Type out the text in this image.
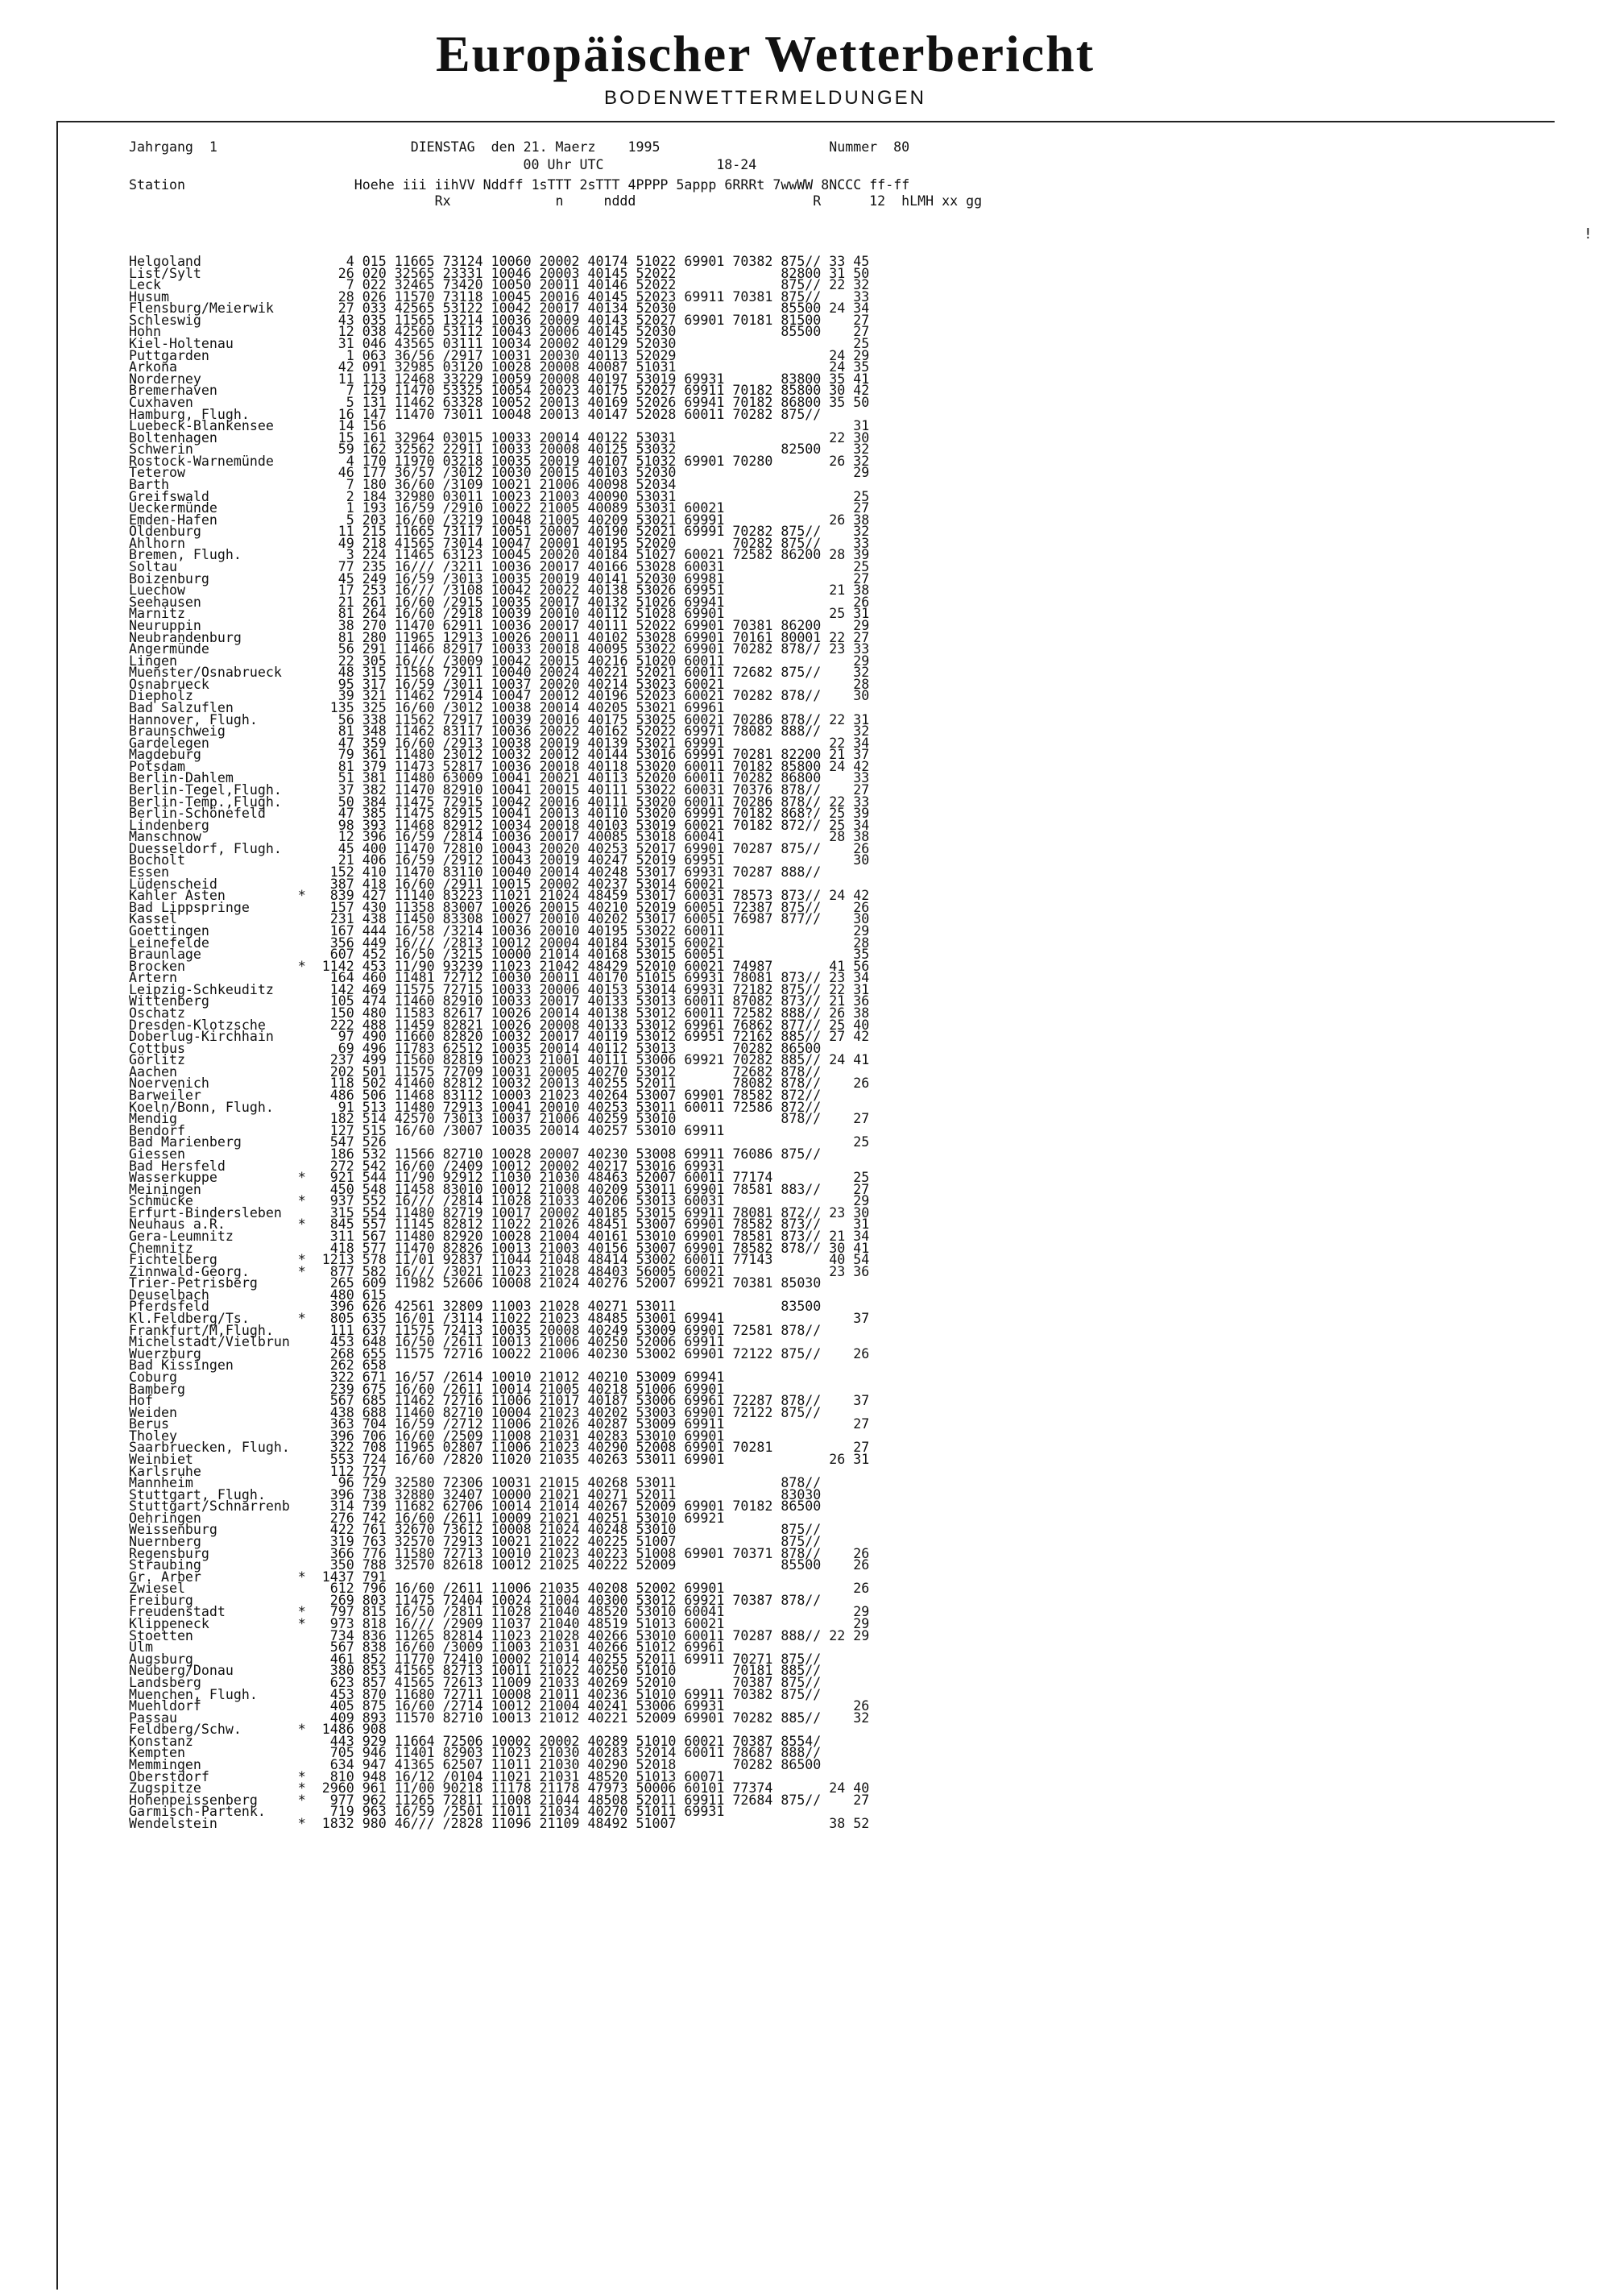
Europäischer Wetterbericht
BODENWETTERMELDUNGEN
!
Jahrgang 1	DIENSTAG den 21. Maerz 1995	Nummer 80
00 Uhr UTC	18-24
Station                     Hoehe iii iihVV Nddff 1sTTT 2sTTT 4PPPP 5appp 6RRRt 7wwWW 8NCCC ff-ff
Rx	n	nddd	R	12 hLMH xx gg
Helgoland                  4 015 11665 73124 10060 20002 40174 51022 69901 70382 875// 33 45
List/Sylt                 26 020 32565 23331 10046 20003 40145 52022	82800 31 50
Leck                       7 022 32465 73420 10050 20011 40146 52022	875// 22 32
Husum                     28 026 11570 73118 10045 20016 40145 52023 69911 70381 875//    33
Flensburg/Meierwik        27 033 42565 53122 10042 20017 40134 52030	85500 24 34
Schleswig                 43 035 11565 13214 10036 20009 40143 52027 69901 70181 81500    27
Hohn                      12 038 42560 53112 10043 20006 40145 52030	85500    27
Kiel-Holtenau             31 046 43565 03111 10034 20002 40129 52030	25
Puttgarden                 1 063 36/56 /2917 10031 20030 40113 52029	24 29
Arkona                    42 091 32985 03120 10028 20008 40087 51031	24 35
Norderney                 11 113 12468 33229 10059 20008 40197 53019 69931	83800 35 41
Bremerhaven                7 129 11470 53325 10054 20023 40175 52027 69911 70182 85800 30 42
Cuxhaven                   5 131 11462 63328 10052 20013 40169 52026 69941 70182 86800 35 50
Hamburg, Flugh.           16 147 11470 73011 10048 20013 40147 52028 60011 70282 875//
Luebeck-Blankensee        14 156	31
Boltenhagen               15 161 32964 03015 10033 20014 40122 53031	22 30
Schwerin                  59 162 32562 22911 10033 20008 40125 53032	82500    32
Rostock-Warnemünde         4 170 11970 03218 10035 20019 40107 51032 69901 70280	26 32
Teterow                   46 177 36/57 /3012 10030 20015 40103 52030	29
Barth                      7 180 36/60 /3109 10021 21006 40098 52034
Greifswald                 2 184 32980 03011 10023 21003 40090 53031	25
Ueckermünde                1 193 16/59 /2910 10022 21005 40089 53031 60021	27
Emden-Hafen                5 203 16/60 /3219 10048 21005 40209 53021 69991	26 38
Oldenburg                 11 215 11665 73117 10051 20007 40190 52021 69991 70282 875//    32
Ahlhorn                   49 218 41565 73014 10047 20001 40195 52020	70282 875//    33
Bremen, Flugh.             3 224 11465 63123 10045 20020 40184 51027 60021 72582 86200 28 39
Soltau                    77 235 16/// /3211 10036 20017 40166 53028 60031	25
Boizenburg                45 249 16/59 /3013 10035 20019 40141 52030 69981	27
Luechow                   17 253 16/// /3108 10042 20022 40138 53026 69951	21 38
Seehausen                 21 261 16/60 /2915 10035 20017 40132 51026 69941	26
Marnitz                   81 264 16/60 /2918 10039 20010 40112 51028 69901	25 31
Neuruppin                 38 270 11470 62911 10036 20017 40111 52022 69901 70381 86200    29
Neubrandenburg            81 280 11965 12913 10026 20011 40102 53028 69901 70161 80001 22 27
Angermünde                56 291 11466 82917 10033 20018 40095 53022 69901 70282 878// 23 33
Lingen                    22 305 16/// /3009 10042 20015 40216 51020 60011	29
Muenster/Osnabrueck       48 315 11568 72911 10040 20024 40221 52021 60011 72682 875//    32
Osnabrueck                95 317 16/59 /3011 10037 20020 40214 53023 60021	28
Diepholz                  39 321 11462 72914 10047 20012 40196 52023 60021 70282 878//    30
Bad Salzuflen            135 325 16/60 /3012 10038 20014 40205 53021 69961
Hannover, Flugh.          56 338 11562 72917 10039 20016 40175 53025 60021 70286 878// 22 31
Braunschweig              81 348 11462 83117 10036 20022 40162 52022 69971 78082 888//    32
Gardelegen                47 359 16/60 /2913 10038 20019 40139 53021 69991	22 34
Magdeburg                 79 361 11480 23012 10032 20012 40144 53016 69991 70281 82200 21 37
Potsdam                   81 379 11473 52817 10036 20018 40118 53020 60011 70182 85800 24 42
Berlin-Dahlem             51 381 11480 63009 10041 20021 40113 52020 60011 70282 86800    33
Berlin-Tegel,Flugh.       37 382 11470 82910 10041 20015 40111 53022 60031 70376 878//    27
Berlin-Temp.,Flugh.       50 384 11475 72915 10042 20016 40111 53020 60011 70286 878// 22 33
Berlin-Schönefeld         47 385 11475 82915 10041 20013 40110 53020 69991 70182 868?/ 25 39
Lindenberg                98 393 11468 82912 10034 20018 40103 53019 60021 70182 872// 25 34
Manschnow                 12 396 16/59 /2814 10036 20017 40085 53018 60041	28 38
Duesseldorf, Flugh.       45 400 11470 72810 10043 20020 40253 52017 69901 70287 875//    26
Bocholt                   21 406 16/59 /2912 10043 20019 40247 52019 69951	30
Essen                    152 410 11470 83110 10040 20014 40248 53017 69931 70287 888//
Lüdenscheid              387 418 16/60 /2911 10015 20002 40237 53014 60021
Kahler Asten         *   839 427 11140 83223 11021 21024 48459 53017 60031 78573 873// 24 42
Bad Lippspringe          157 430 11358 83007 10026 20015 40210 52019 60051 72387 875//    26
Kassel                   231 438 11450 83308 10027 20010 40202 53017 60051 76987 877//    30
Goettingen               167 444 16/58 /3214 10036 20010 40195 53022 60011	29
Leinefelde               356 449 16/// /2813 10012 20004 40184 53015 60021	28
Braunlage                607 452 16/50 /3215 10000 21014 40168 53015 60051	35
Brocken              *  1142 453 11/90 93239 11023 21042 48429 52010 60021 74987	41 56
Artern                   164 460 11481 72712 10030 20011 40170 51015 69931 78081 873// 23 34
Leipzig-Schkeuditz       142 469 11575 72715 10033 20006 40153 53014 69931 72182 875// 22 31
Wittenberg               105 474 11460 82910 10033 20017 40133 53013 60011 87082 873// 21 36
Oschatz                  150 480 11583 82617 10026 20014 40138 53012 60011 72582 888// 26 38
Dresden-Klotzsche        222 488 11459 82821 10026 20008 40133 53012 69961 76862 877// 25 40
Doberlug-Kirchhain        97 490 11660 82820 10032 20017 40119 53012 69951 72162 885// 27 42
Cottbus                   69 496 11783 62512 10035 20014 40112 53013	70282 86500
Görlitz                  237 499 11560 82819 10023 21001 40111 53006 69921 70282 885// 24 41
Aachen                   202 501 11575 72709 10031 20005 40270 53012	72682 878//
Noervenich               118 502 41460 82812 10032 20013 40255 52011	78082 878//    26
Barweiler                486 506 11468 83112 10003 21023 40264 53007 69901 78582 872//
Koeln/Bonn, Flugh.        91 513 11480 72913 10041 20010 40253 53011 60011 72586 872//
Mendig                   182 514 42570 73013 10037 21006 40259 53010	878//    27
Bendorf                  127 515 16/60 /3007 10035 20014 40257 53010 69911
Bad Marienberg           547 526	25
Giessen                  186 532 11566 82710 10028 20007 40230 53008 69911 76086 875//
Bad Hersfeld             272 542 16/60 /2409 10012 20002 40217 53016 69931
Wasserkuppe          *   921 544 11/90 92912 11030 21030 48463 52007 60011 77174	25
Meiningen                450 548 11458 83010 10012 21008 40209 53011 69901 78581 883//    27
Schmücke             *   937 552 16/// /2814 11028 21033 40206 53013 60031	29
Erfurt-Bindersleben      315 554 11480 82719 10017 20002 40185 53015 69911 78081 872// 23 30
Neuhaus a.R.         *   845 557 11145 82812 11022 21026 48451 53007 69901 78582 873//    31
Gera-Leumnitz            311 567 11480 82920 10028 21004 40161 53010 69901 78581 873// 21 34
Chemnitz                 418 577 11470 82826 10013 21003 40156 53007 69901 78582 878// 30 41
Fichtelberg          *  1213 578 11/01 92837 11044 21048 48414 53002 60011 77143	40 54
Zinnwald-Georg.      *   877 582 16/// /3021 11023 21028 48403 56005 60021	23 36
Trier-Petrisberg         265 609 11982 52606 10008 21024 40276 52007 69921 70381 85030
Deuselbach               480 615
Pferdsfeld               396 626 42561 32809 11003 21028 40271 53011	83500
Kl.Feldberg/Ts.      *   805 635 16/01 /3114 11022 21023 48485 53001 69941	37
Frankfurt/M,Flugh.       111 637 11575 72413 10035 20008 40249 53009 69901 72581 878//
Michelstadt/Vielbrun     453 648 16/50 /2611 10013 21006 40250 52006 69911
Wuerzburg                268 655 11575 72716 10022 21006 40230 53002 69901 72122 875//    26
Bad Kissingen            262 658
Coburg                   322 671 16/57 /2614 10010 21012 40210 53009 69941
Bamberg                  239 675 16/60 /2611 10014 21005 40218 51006 69901
Hof                      567 685 11462 72716 11006 21017 40187 53006 69961 72287 878//    37
Weiden                   438 688 11460 82710 10004 21023 40202 53003 69901 72122 875//
Berus                    363 704 16/59 /2712 11006 21026 40287 53009 69911	27
Tholey                   396 706 16/60 /2509 11008 21031 40283 53010 69901
Saarbruecken, Flugh.     322 708 11965 02807 11006 21023 40290 52008 69901 70281	27
Weinbiet                 553 724 16/60 /2820 11020 21035 40263 53011 69901	26 31
Karlsruhe                112 727
Mannheim                  96 729 32580 72306 10031 21015 40268 53011	878//
Stuttgart, Flugh.        396 738 32880 32407 10000 21021 40271 52011	83030
Stuttgart/Schnarrenb     314 739 11682 62706 10014 21014 40267 52009 69901 70182 86500
Oehringen                276 742 16/60 /2611 10009 21021 40251 53010 69921
Weissenburg              422 761 32670 73612 10008 21024 40248 53010	875//
Nuernberg                319 763 32570 72913 10021 21022 40225 51007	875//
Regensburg               366 776 11580 72713 10010 21023 40223 51008 69901 70371 878//    26
Straubing                350 788 32570 82618 10012 21025 40222 52009	85500    26
Gr. Arber            *  1437 791
Zwiesel                  612 796 16/60 /2611 11006 21035 40208 52002 69901	26
Freiburg                 269 803 11475 72404 10024 21004 40300 53012 69921 70387 878//
Freudenstadt         *   797 815 16/50 /2811 11028 21040 48520 53010 60041	29
Klippeneck           *   973 818 16/// /2909 11037 21040 48519 51013 60021	29
Stoetten                 734 836 11265 82814 11023 21028 40266 53010 60011 70287 888// 22 29
Ulm                      567 838 16/60 /3009 11003 21031 40266 51012 69961
Augsburg                 461 852 11770 72410 10002 21014 40255 52011 69911 70271 875//
Neuberg/Donau            380 853 41565 82713 10011 21022 40250 51010	70181 885//
Landsberg                623 857 41565 72613 11009 21033 40269 52010	70387 875//
Muenchen, Flugh.         453 870 11680 72711 10008 21011 40236 51010 69911 70382 875//
Muehldorf                405 875 16/60 /2714 10012 21004 40241 53006 69931	26
Passau                   409 893 11570 82710 10013 21012 40221 52009 69901 70282 885//    32
Feldberg/Schw.       *  1486 908
Konstanz                 443 929 11664 72506 10002 20002 40289 51010 60021 70387 8554/
Kempten                  705 946 11401 82903 11023 21030 40283 52014 60011 78687 888//
Memmingen                634 947 41365 62507 11011 21030 40290 52018	70282 86500
Oberstdorf           *   810 948 16/12 /0104 11021 21031 48520 51013 60071
Zugspitze            *  2960 961 11/00 90218 11178 21178 47973 50006 60101 77374	24 40
Hohenpeissenberg     *   977 962 11265 72811 11008 21044 48508 52011 69911 72684 875//    27
Garmisch-Partenk.        719 963 16/59 /2501 11011 21034 40270 51011 69931
Wendelstein          *  1832 980 46/// /2828 11096 21109 48492 51007	38 52
